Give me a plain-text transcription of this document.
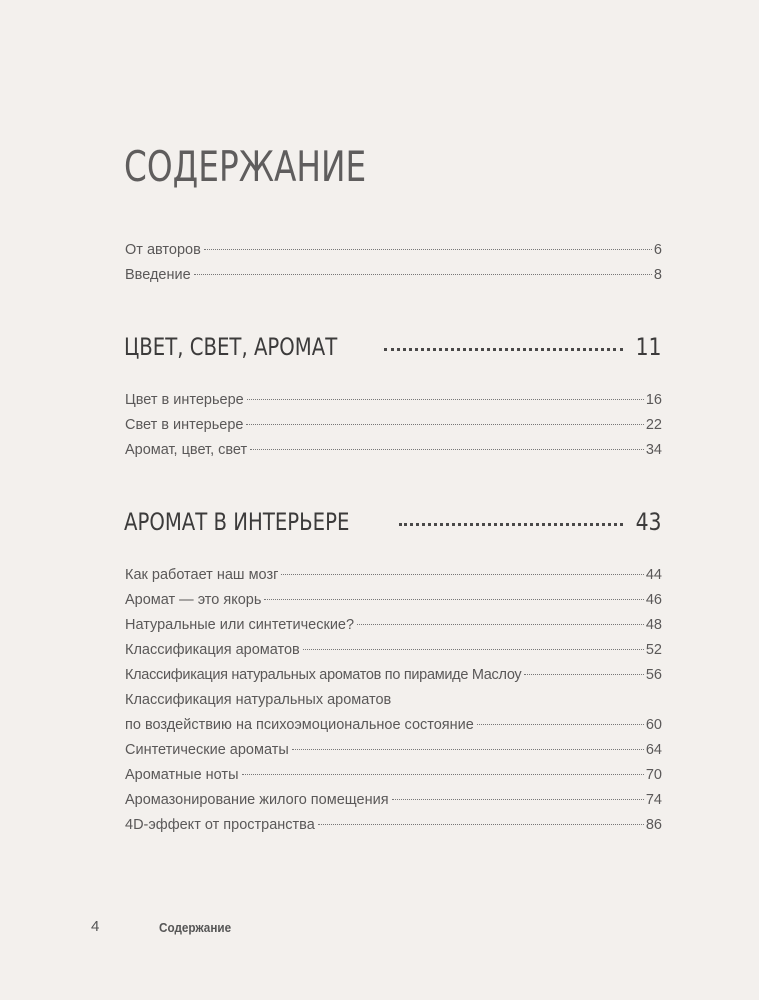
СОДЕРЖАНИЕ
От авторов	6
Введение	8
ЦВЕТ, СВЕТ, АРОМАТ	11
Цвет в интерьере	16
Свет в интерьере	22
Аромат, цвет, свет	34
АРОМАТ В ИНТЕРЬЕРЕ	43
Как работает наш мозг	44
Аромат — это якорь	46
Натуральные или синтетические?	48
Классификация ароматов	52
Классификация натуральных ароматов по пирамиде Маслоу	56
Классификация натуральных ароматов
по воздействию на психоэмоциональное состояние	60
Синтетические ароматы	64
Ароматные ноты	70
Аромазонирование жилого помещения	74
4D-эффект от пространства	86
4	Содержание
